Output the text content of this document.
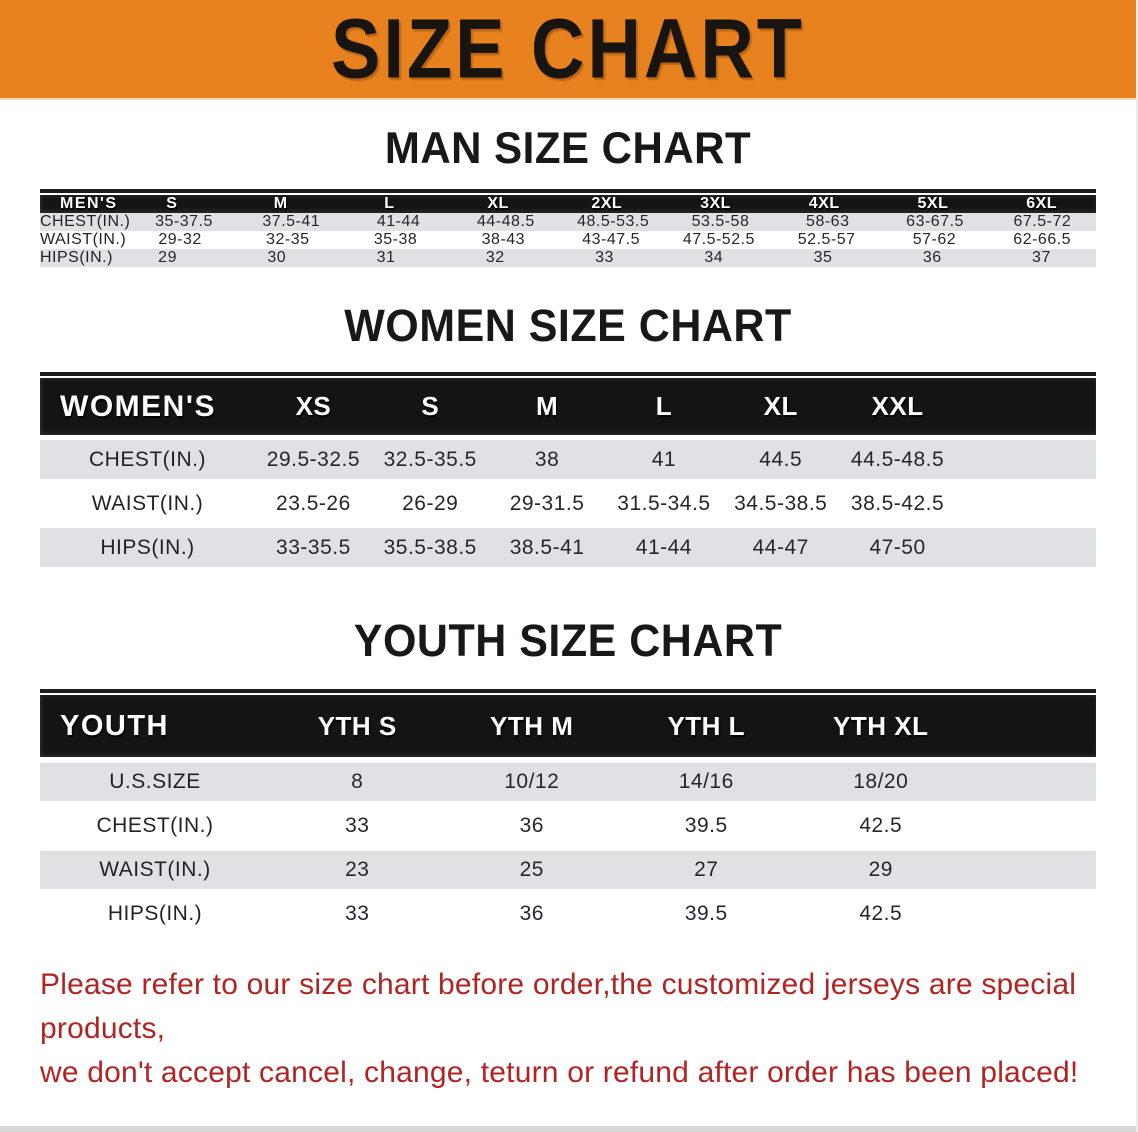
SIZE CHART
MAN SIZE CHART
MEN'S	S	M	L	XL	2XL	3XL	4XL	5XL	6XL
CHEST(IN.)	35-37.5	37.5-41	41-44	44-48.5	48.5-53.5	53.5-58	58-63	63-67.5	67.5-72
WAIST(IN.)	29-32	32-35	35-38	38-43	43-47.5	47.5-52.5	52.5-57	57-62	62-66.5
HIPS(IN.)	29	30	31	32	33	34	35	36	37
WOMEN SIZE CHART
WOMEN'S	XS	S	M	L	XL	XXL
CHEST(IN.)	29.5-32.5	32.5-35.5	38	41	44.5	44.5-48.5
WAIST(IN.)	23.5-26	26-29	29-31.5	31.5-34.5	34.5-38.5	38.5-42.5
HIPS(IN.)	33-35.5	35.5-38.5	38.5-41	41-44	44-47	47-50
YOUTH SIZE CHART
YOUTH	YTH S	YTH M	YTH L	YTH XL
U.S.SIZE	8	10/12	14/16	18/20
CHEST(IN.)	33	36	39.5	42.5
WAIST(IN.)	23	25	27	29
HIPS(IN.)	33	36	39.5	42.5

Please refer to our size chart before order,the customized jerseys are special products,

we don't accept cancel, change, teturn or refund after order has been placed!
